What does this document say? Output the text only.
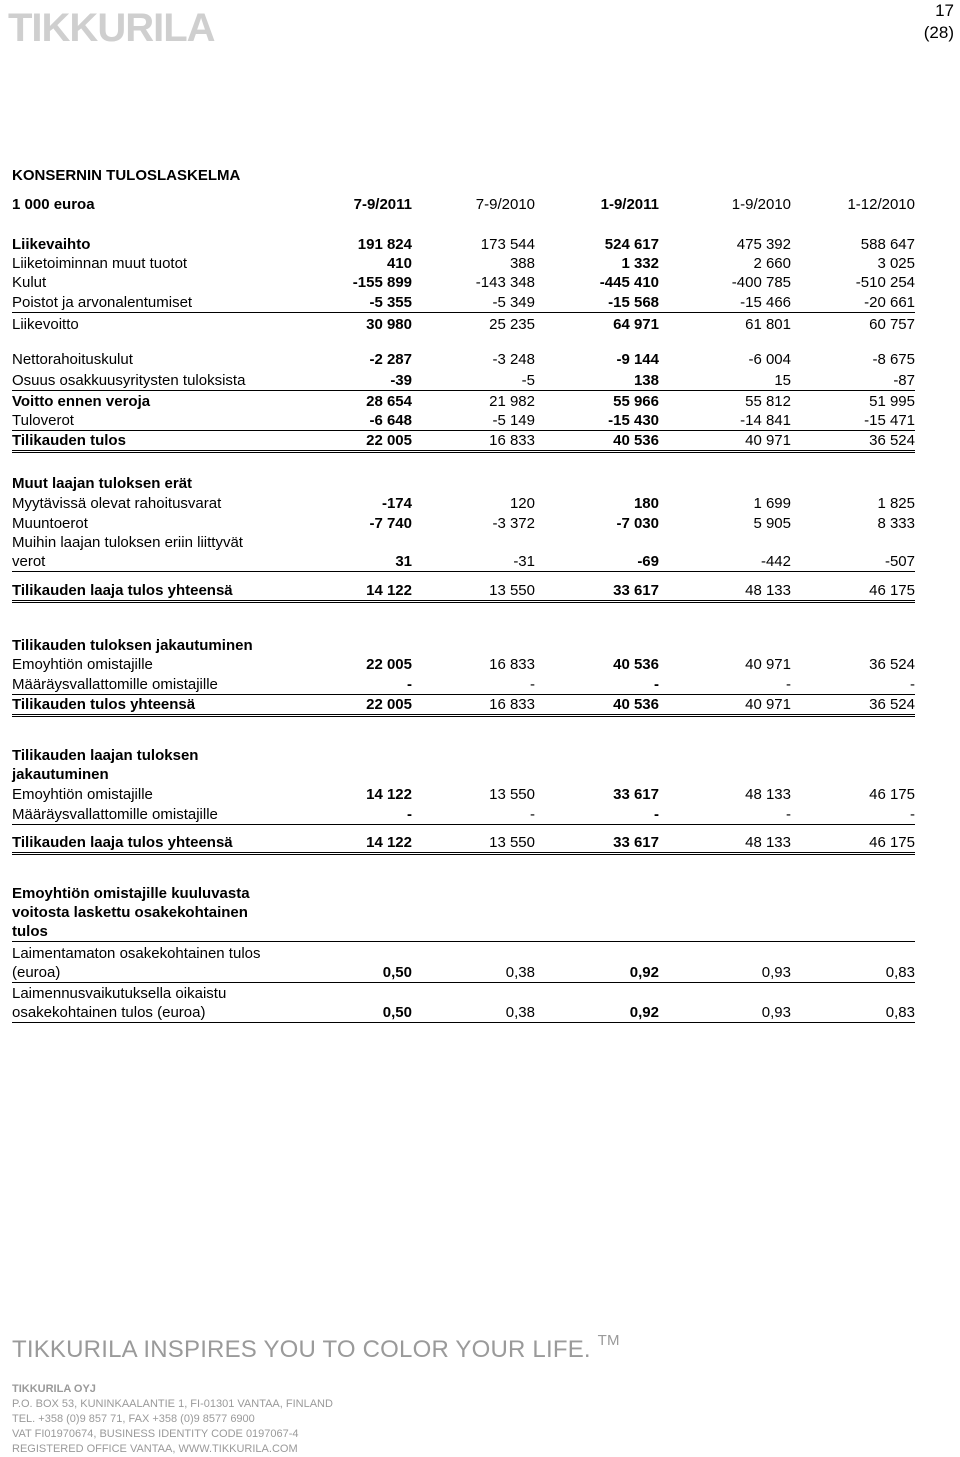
TIKKURILA	17
(28)
KONSERNIN TULOSLASKELMA
1 000 euroa	7-9/2011	7-9/2010	1-9/2011	1-9/2010	1-12/2010
Liikevaihto	191 824	173 544	524 617	475 392	588 647
Liiketoiminnan muut tuotot	410	388	1 332	2 660	3 025
Kulut	-155 899	-143 348	-445 410	-400 785	-510 254
Poistot ja arvonalentumiset	-5 355	-5 349	-15 568	-15 466	-20 661
Liikevoitto	30 980	25 235	64 971	61 801	60 757
Nettorahoituskulut	-2 287	-3 248	-9 144	-6 004	-8 675
Osuus osakkuusyritysten tuloksista	-39	-5	138	15	-87
Voitto ennen veroja	28 654	21 982	55 966	55 812	51 995
Tuloverot	-6 648	-5 149	-15 430	-14 841	-15 471
Tilikauden tulos	22 005	16 833	40 536	40 971	36 524
Muut laajan tuloksen erät
Myytävissä olevat rahoitusvarat	-174	120	180	1 699	1 825
Muuntoerot	-7 740	-3 372	-7 030	5 905	8 333
Muihin laajan tuloksen eriin liittyvät
verot	31	-31	-69	-442	-507
Tilikauden laaja tulos yhteensä	14 122	13 550	33 617	48 133	46 175
Tilikauden tuloksen jakautuminen
Emoyhtiön omistajille	22 005	16 833	40 536	40 971	36 524
Määräysvallattomille omistajille	-	-	-	-	-
Tilikauden tulos yhteensä	22 005	16 833	40 536	40 971	36 524
Tilikauden laajan tuloksen
jakautuminen
Emoyhtiön omistajille	14 122	13 550	33 617	48 133	46 175
Määräysvallattomille omistajille	-	-	-	-	-
Tilikauden laaja tulos yhteensä	14 122	13 550	33 617	48 133	46 175
Emoyhtiön omistajille kuuluvasta
voitosta laskettu osakekohtainen
tulos
Laimentamaton osakekohtainen tulos
(euroa)	0,50	0,38	0,92	0,93	0,83
Laimennusvaikutuksella oikaistu
osakekohtainen tulos (euroa)	0,50	0,38	0,92	0,93	0,83
TIKKURILA INSPIRES YOU TO COLOR YOUR LIFE. ™
TIKKURILA OYJ
P.O. BOX 53, KUNINKAALANTIE 1, FI-01301 VANTAA, FINLAND
TEL. +358 (0)9 857 71, FAX +358 (0)9 8577 6900
VAT FI01970674, BUSINESS IDENTITY CODE 0197067-4
REGISTERED OFFICE VANTAA, WWW.TIKKURILA.COM
